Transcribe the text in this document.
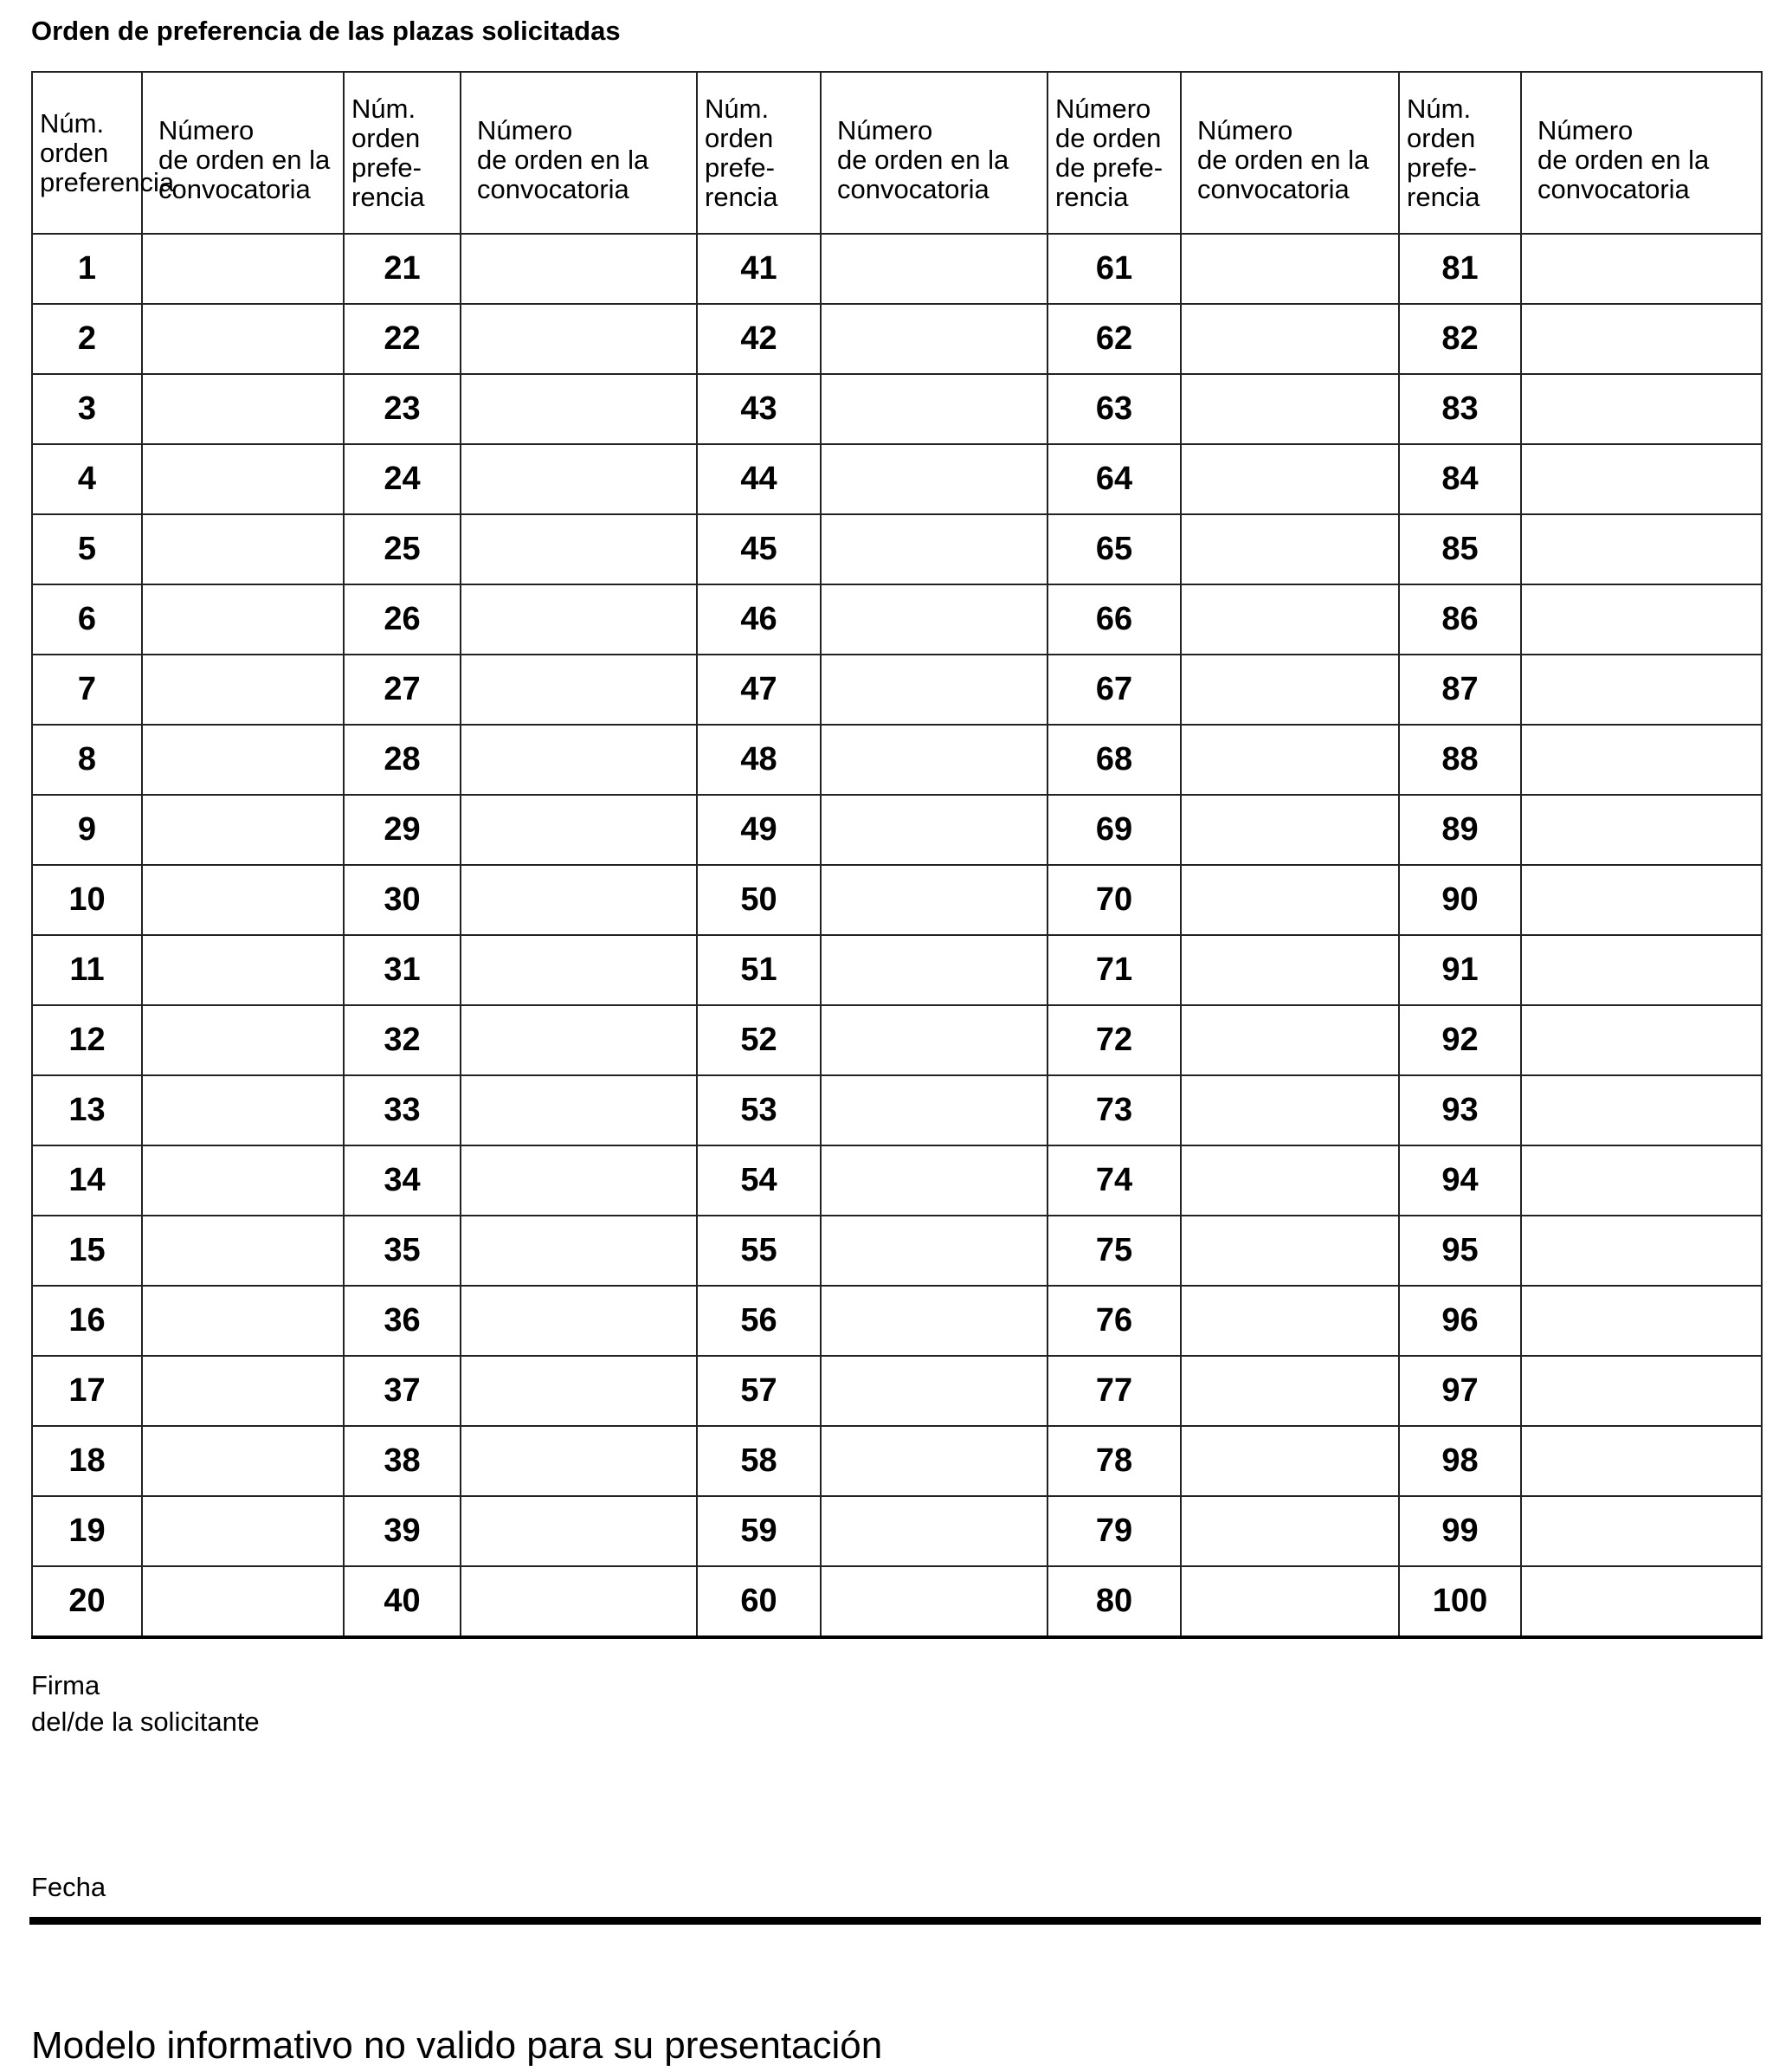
Orden de preferencia de las plazas solicitadas
Núm.
orden
preferencia	Número
de orden en la
convocatoria	Núm.
orden
prefe-
rencia	Número
de orden en la
convocatoria	Núm.
orden
prefe-
rencia	Número
de orden en la
convocatoria	Número
de orden
de prefe-
rencia	Número
de orden en la
convocatoria	Núm.
orden
prefe-
rencia	Número
de orden en la
convocatoria
1		21		41		61		81	
2		22		42		62		82	
3		23		43		63		83	
4		24		44		64		84	
5		25		45		65		85	
6		26		46		66		86	
7		27		47		67		87	
8		28		48		68		88	
9		29		49		69		89	
10		30		50		70		90	
11		31		51		71		91	
12		32		52		72		92	
13		33		53		73		93	
14		34		54		74		94	
15		35		55		75		95	
16		36		56		76		96	
17		37		57		77		97	
18		38		58		78		98	
19		39		59		79		99	
20		40		60		80		100	
Firma
del/de la solicitante
Fecha
Modelo informativo no valido para su presentación
